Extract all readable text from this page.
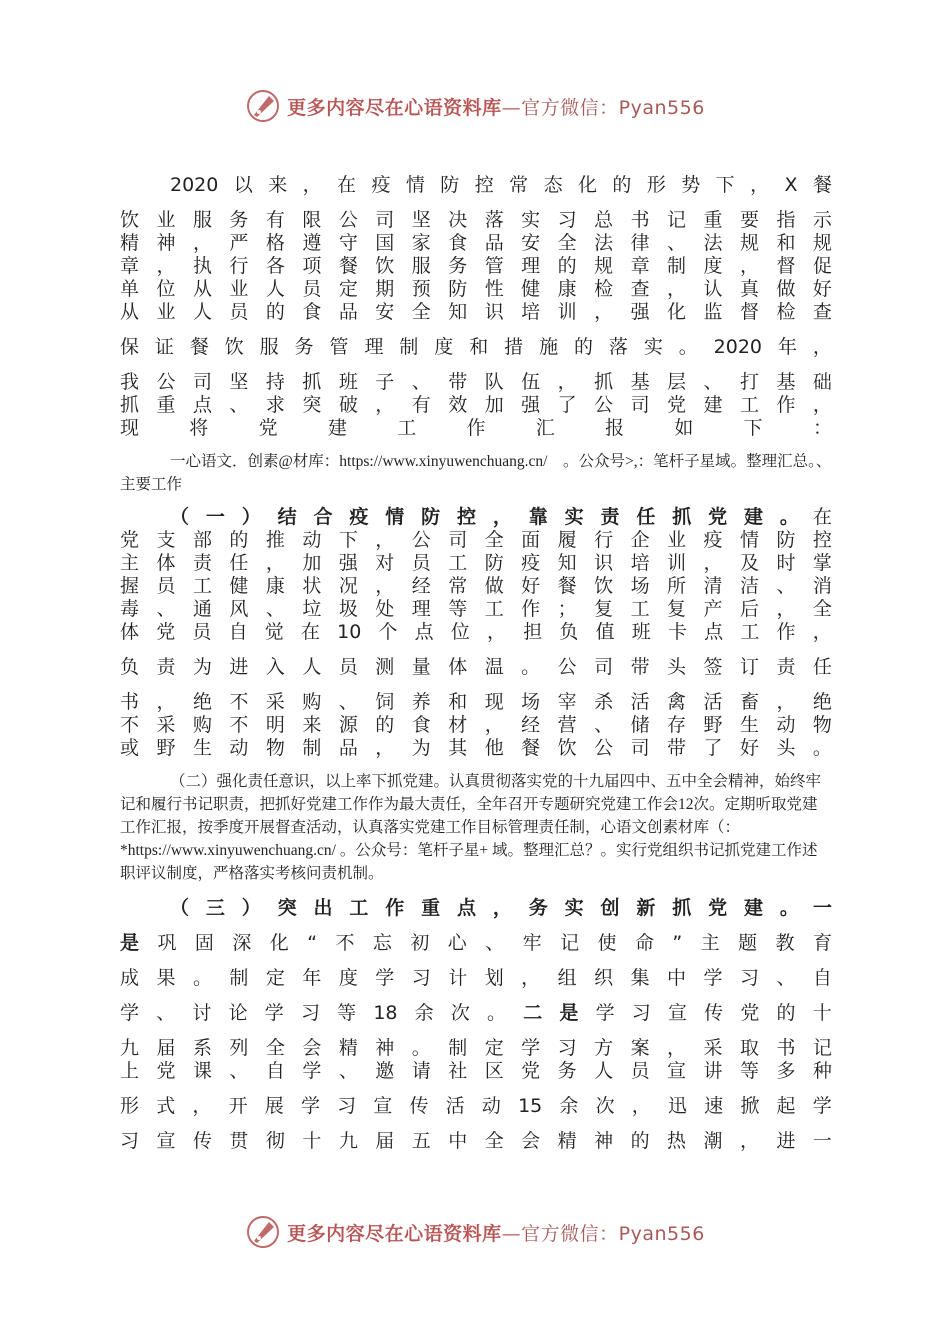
更多内容尽在心语资料库—官方微信：Pyan556
2020 以 来 ， 在 疫 情 防 控 常 态 化 的 形 势 下 ， X 餐
饮 业 服 务 有 限 公 司 坚 决 落 实 习 总 书 记 重 要 指 示
精 神 ， 严 格 遵 守 国 家 食 品 安 全 法 律 、 法 规 和 规
章 ， 执 行 各 项 餐 饮 服 务 管 理 的 规 章 制 度 ， 督 促
单 位 从 业 人 员 定 期 预 防 性 健 康 检 查 ， 认 真 做 好
从 业 人 员 的 食 品 安 全 知 识 培 训 ， 强 化 监 督 检 查
保 证 餐 饮 服 务 管 理 制 度 和 措 施 的 落 实 。 2020 年 ，
我 公 司 坚 持 抓 班 子 、 带 队 伍 ， 抓 基 层 、 打 基 础
抓 重 点 、 求 突 破 ， 有 效 加 强 了 公 司 党 建 工 作 ，
现	将	党	建	工	作	汇	报	如	下	：
一心语文．创素@材库：https://www.xinyuwenchuang.cn/　。公众号>,：笔杆子星域。整理汇总。、主要工作
（ 一 ） 结 合 疫 情 防 控 ， 靠 实 责 任 抓 党 建 。 在
党 支 部 的 推 动 下 ， 公 司 全 面 履 行 企 业 疫 情 防 控
主 体 责 任 ， 加 强 对 员 工 防 疫 知 识 培 训 ， 及 时 掌
握 员 工 健 康 状 况 ， 经 常 做 好 餐 饮 场 所 清 洁 、 消
毒 、 通 风 、 垃 圾 处 理 等 工 作 ； 复 工 复 产 后 ， 全
体 党 员 自 觉 在 10 个 点 位 ， 担 负 值 班 卡 点 工 作 ，
负 责 为 进 入 人 员 测 量 体 温 。 公 司 带 头 签 订 责 任
书 ， 绝 不 采 购 、 饲 养 和 现 场 宰 杀 活 禽 活 畜 ， 绝
不 采 购 不 明 来 源 的 食 材 ， 经 营 、 储 存 野 生 动 物
或 野 生 动 物 制 品 ， 为 其 他 餐 饮 公 司 带 了 好 头 。
（二）强化责任意识，以上率下抓党建。认真贯彻落实党的十九届四中、五中全会精神，始终牢记和履行书记职责，把抓好党建工作作为最大责任，全年召开专题研究党建工作会12次。定期听取党建工作汇报，按季度开展督查活动，认真落实党建工作目标管理责任制，心语文创素材库（：*https://www.xinyuwenchuang.cn/ 。公众号：笔杆子星+ 域。整理汇总？。实行党组织书记抓党建工作述职评议制度，严格落实考核问责机制。
（ 三 ） 突 出 工 作 重 点 ， 务 实 创 新 抓 党 建 。 一
是 巩 固 深 化 “ 不 忘 初 心 、 牢 记 使 命 ” 主 题 教 育
成 果 。 制 定 年 度 学 习 计 划 ， 组 织 集 中 学 习 、 自
学 、 讨 论 学 习 等 18 余 次 。 二 是 学 习 宣 传 党 的 十
九 届 系 列 全 会 精 神 。 制 定 学 习 方 案 ， 采 取 书 记
上 党 课 、 自 学 、 邀 请 社 区 党 务 人 员 宣 讲 等 多 种
形 式 ， 开 展 学 习 宣 传 活 动 15 余 次 ， 迅 速 掀 起 学
习 宣 传 贯 彻 十 九 届 五 中 全 会 精 神 的 热 潮 ， 进 一
更多内容尽在心语资料库—官方微信：Pyan556
